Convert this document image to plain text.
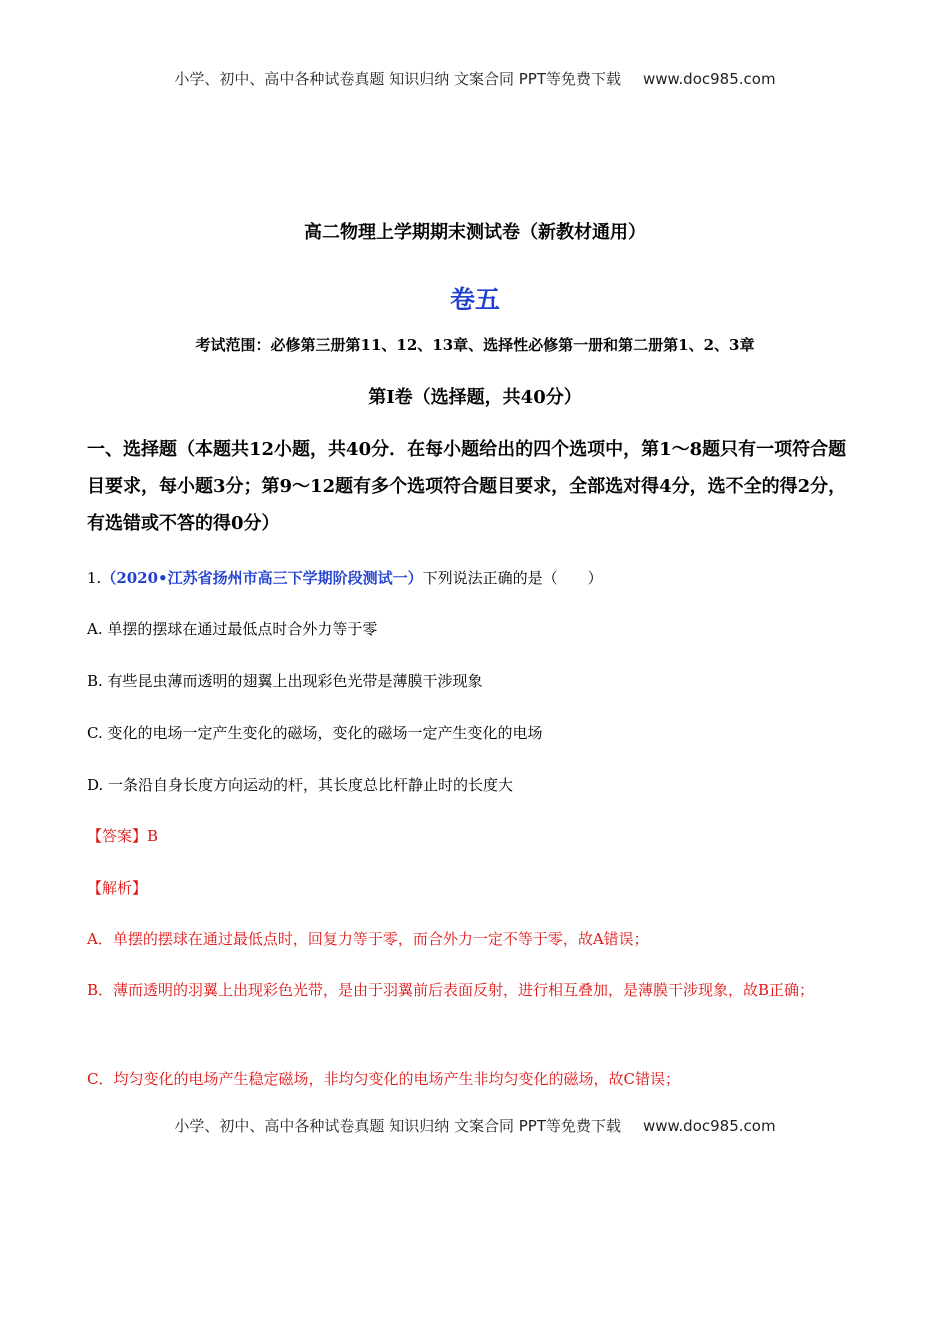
小学、初中、高中各种试卷真题 知识归纳 文案合同 PPT等免费下载 www.doc985.com
高二物理上学期期末测试卷（新教材通用）
卷五
考试范围：必修第三册第11、12、13章、选择性必修第一册和第二册第1、2、3章
第Ⅰ卷（选择题，共40分）
一、选择题（本题共12小题，共40分．在每小题给出的四个选项中，第1～8题只有一项符合题目要求，每小题3分；第9～12题有多个选项符合题目要求，全部选对得4分，选不全的得2分，有选错或不答的得0分）
1.（2020•江苏省扬州市高三下学期阶段测试一）下列说法正确的是（　　）
A. 单摆的摆球在通过最低点时合外力等于零
B. 有些昆虫薄而透明的翅翼上出现彩色光带是薄膜干涉现象
C. 变化的电场一定产生变化的磁场，变化的磁场一定产生变化的电场
D. 一条沿自身长度方向运动的杆，其长度总比杆静止时的长度大
【答案】B
【解析】
A．单摆的摆球在通过最低点时，回复力等于零，而合外力一定不等于零，故A错误；
B．薄而透明的羽翼上出现彩色光带，是由于羽翼前后表面反射，进行相互叠加，是薄膜干涉现象，故B正确；
C．均匀变化的电场产生稳定磁场，非均匀变化的电场产生非均匀变化的磁场，故C错误；
小学、初中、高中各种试卷真题 知识归纳 文案合同 PPT等免费下载 www.doc985.com
